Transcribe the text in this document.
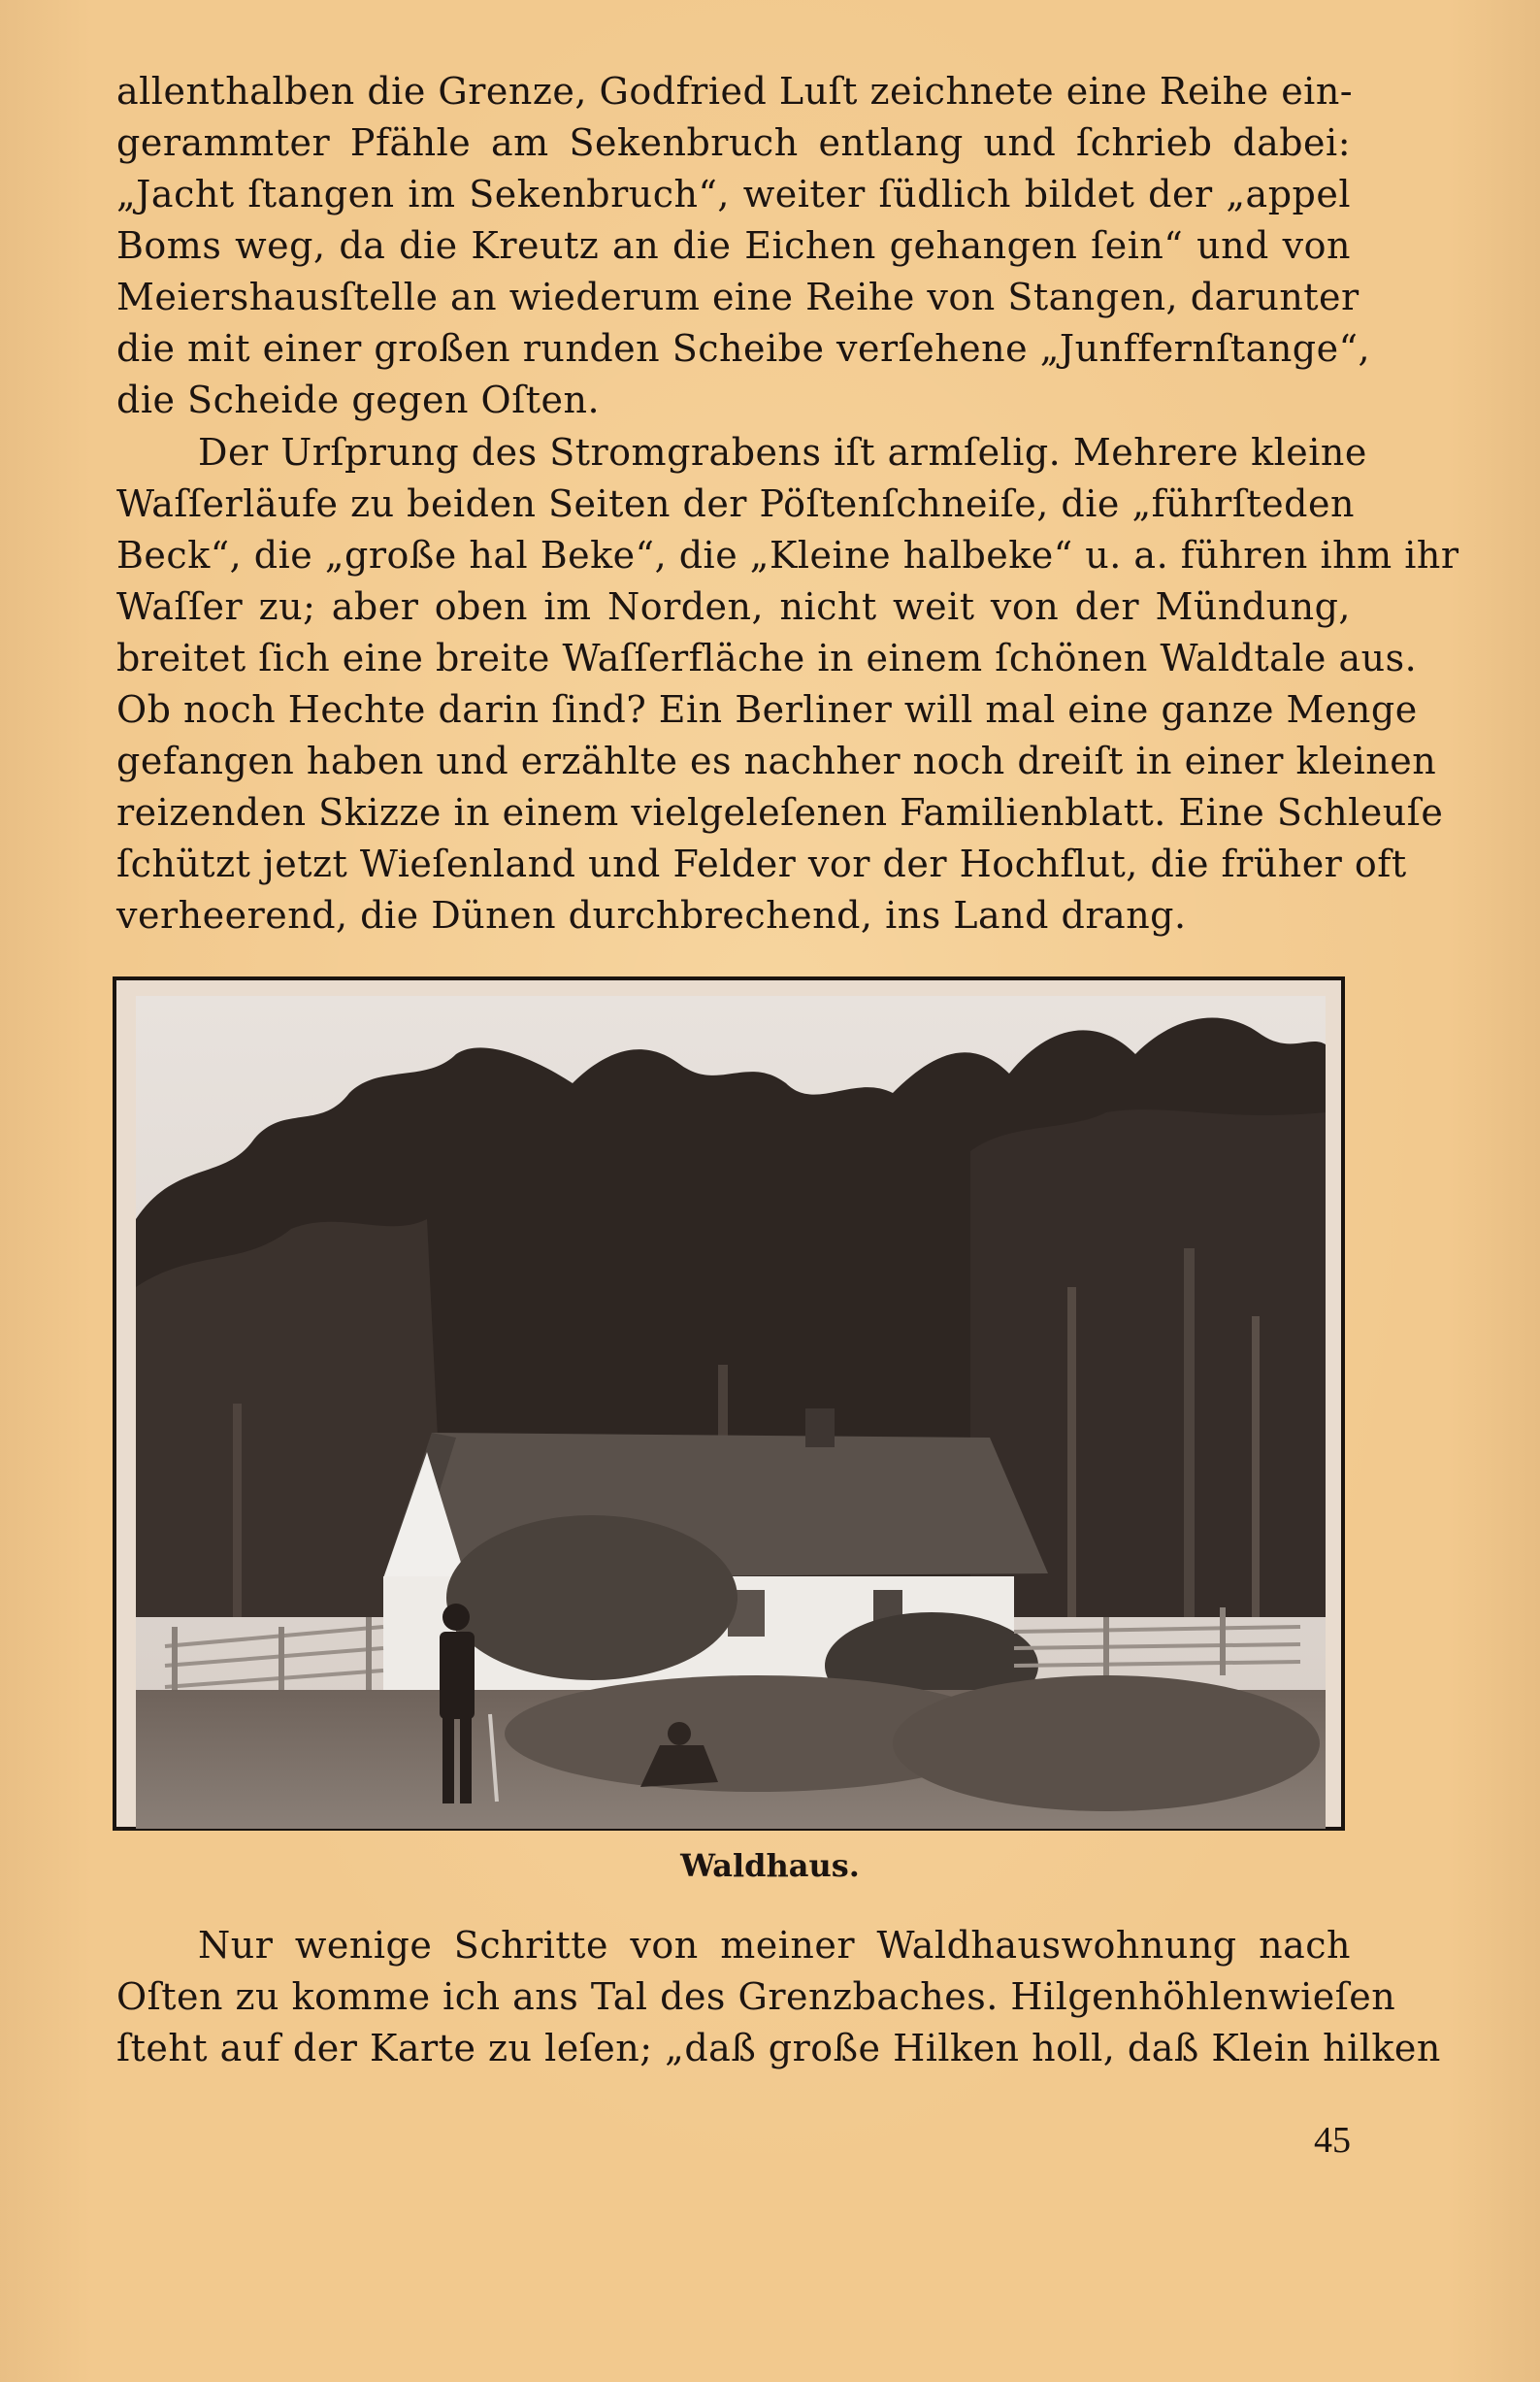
allenthalben die Grenze, Godfried Luſt zeichnete eine Reihe ein-

gerammter Pfähle am Sekenbruch entlang und ſchrieb dabei:

„Jacht ſtangen im Sekenbruch“, weiter ſüdlich bildet der „appel

Boms weg, da die Kreutz an die Eichen gehangen ſein“ und von

Meiershausſtelle an wiederum eine Reihe von Stangen, darunter

die mit einer großen runden Scheibe verſehene „Junffernſtange“,

die Scheide gegen Oſten.

Der Urſprung des Stromgrabens iſt armſelig. Mehrere kleine

Waſſerläufe zu beiden Seiten der Pöſtenſchneiſe, die „führſteden

Beck“, die „große hal Beke“, die „Kleine halbeke“ u. a. führen ihm ihr

Waſſer zu; aber oben im Norden, nicht weit von der Mündung,

breitet ſich eine breite Waſſerfläche in einem ſchönen Waldtale aus.

Ob noch Hechte darin ſind? Ein Berliner will mal eine ganze Menge

gefangen haben und erzählte es nachher noch dreiſt in einer kleinen

reizenden Skizze in einem vielgeleſenen Familienblatt. Eine Schleuſe

ſchützt jetzt Wieſenland und Felder vor der Hochflut, die früher oft

verheerend, die Dünen durchbrechend, ins Land drang.

Waldhaus.

Nur wenige Schritte von meiner Waldhauswohnung nach

Oſten zu komme ich ans Tal des Grenzbaches. Hilgenhöhlenwieſen

ſteht auf der Karte zu leſen; „daß große Hilken holl, daß Klein hilken

45
